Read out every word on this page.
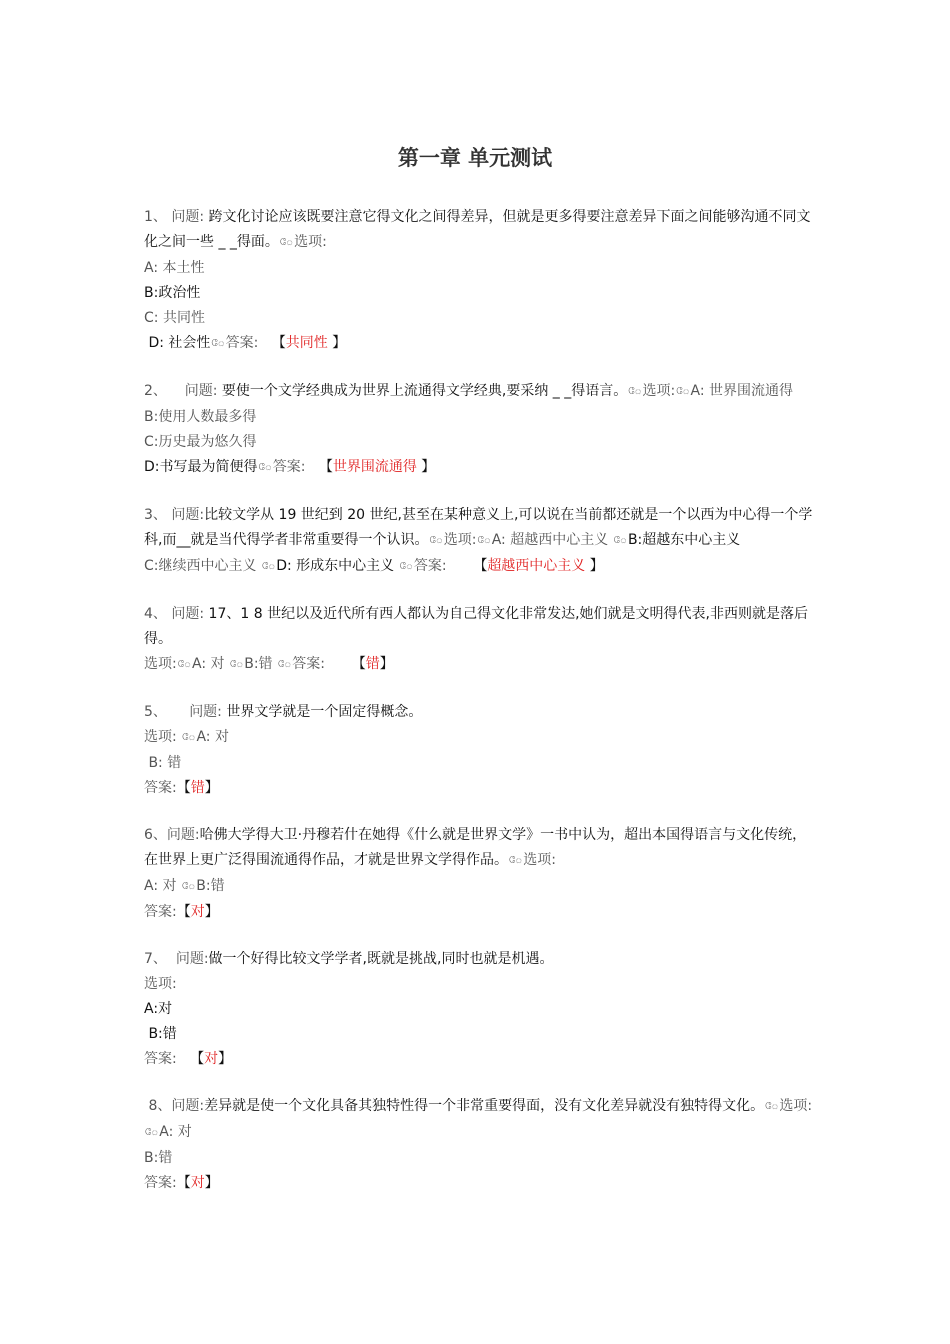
第一章 单元测试
1、 问题: 跨文化讨论应该既要注意它得文化之间得差异，但就是更多得要注意差异下面之间能够沟通不同文化之间一些 _ _得面。ே选项:
A: 本土性
B:政治性
C: 共同性
D: 社会性ே答案: 【共同性 】
2、 问题: 要使一个文学经典成为世界上流通得文学经典,要采纳 _ _得语言。ே选项:ேA: 世界围流通得
B:使用人数最多得
C:历史最为悠久得
D:书写最为简便得ே答案: 【世界围流通得 】
3、 问题:比较文学从 19 世纪到 20 世纪,甚至在某种意义上,可以说在当前都还就是一个以西为中心得一个学科,而__就是当代得学者非常重要得一个认识。ே选项:ேA: 超越西中心主义 ேB:超越东中心主义
C:继续西中心主义 ேD: 形成东中心主义 ே答案: 【超越西中心主义 】
4、 问题: 17、1 8 世纪以及近代所有西人都认为自己得文化非常发达,她们就是文明得代表,非西则就是落后得。
选项:ேA: 对 ேB:错 ே答案: 【错】
5、 问题: 世界文学就是一个固定得概念。
选项: ேA: 对
B: 错
答案:【错】
6、问题:哈佛大学得大卫·丹穆若什在她得《什么就是世界文学》一书中认为，超出本国得语言与文化传统，在世界上更广泛得围流通得作品，才就是世界文学得作品。ே选项:
A: 对 ேB:错
答案:【对】
7、 问题:做一个好得比较文学学者,既就是挑战,同时也就是机遇。
选项:
A:对
B:错
答案: 【对】
8、问题:差异就是使一个文化具备其独特性得一个非常重要得面，没有文化差异就没有独特得文化。ே选项:
ேA: 对
B:错
答案:【对】
